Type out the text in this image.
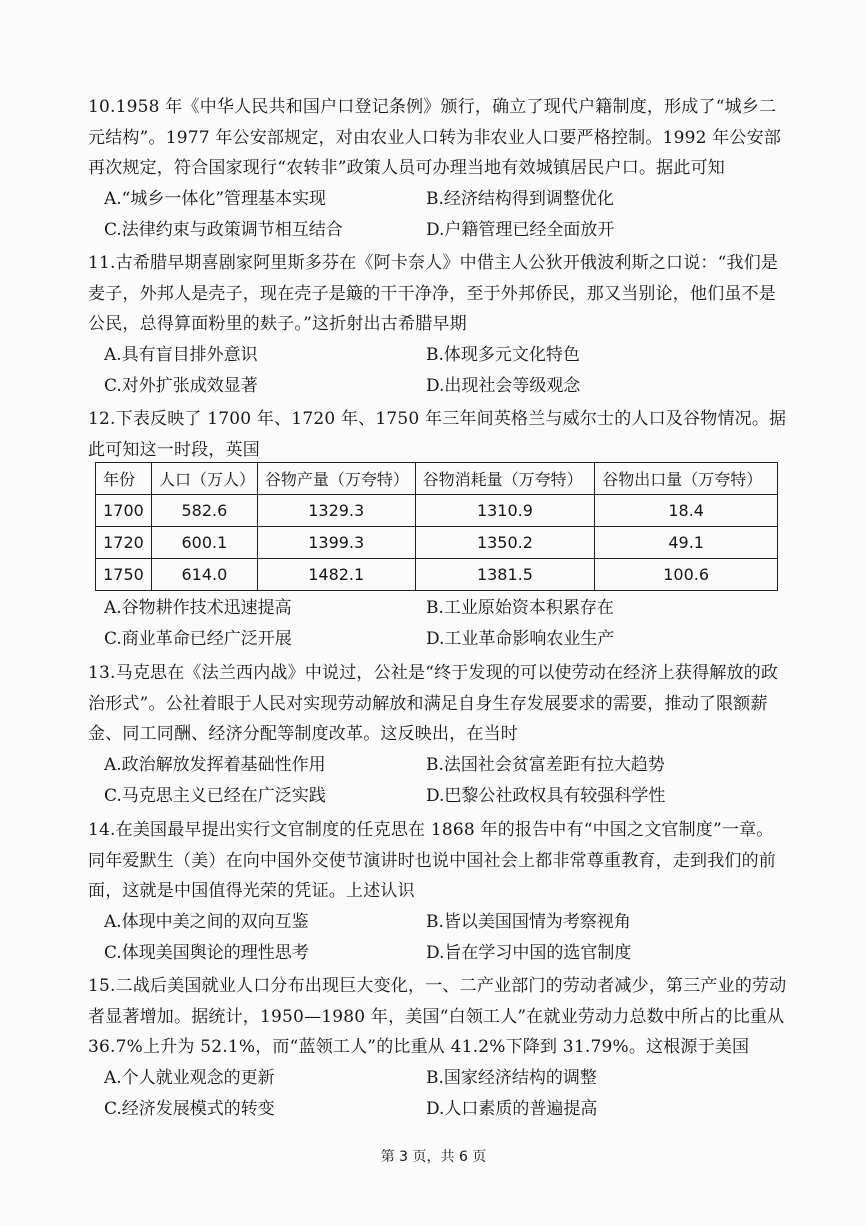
10.1958 年《中华人民共和国户口登记条例》颁行，确立了现代户籍制度，形成了“城乡二元结构”。1977 年公安部规定，对由农业人口转为非农业人口要严格控制。1992 年公安部再次规定，符合国家现行“农转非”政策人员可办理当地有效城镇居民户口。据此可知

A.“城乡一体化”管理基本实现	B.经济结构得到调整优化
C.法律约束与政策调节相互结合	D.户籍管理已经全面放开

11.古希腊早期喜剧家阿里斯多芬在《阿卡奈人》中借主人公狄开俄波利斯之口说：“我们是麦子，外邦人是壳子，现在壳子是簸的干干净净，至于外邦侨民，那又当别论，他们虽不是公民，总得算面粉里的麸子。”这折射出古希腊早期

A.具有盲目排外意识	B.体现多元文化特色
C.对外扩张成效显著	D.出现社会等级观念

12.下表反映了 1700 年、1720 年、1750 年三年间英格兰与威尔士的人口及谷物情况。据此可知这一时段，英国

年份	人口（万人）	谷物产量（万夸特）	谷物消耗量（万夸特）	谷物出口量（万夸特）
1700	582.6	1329.3	1310.9	18.4
1720	600.1	1399.3	1350.2	49.1
1750	614.0	1482.1	1381.5	100.6
A.谷物耕作技术迅速提高	B.工业原始资本积累存在
C.商业革命已经广泛开展	D.工业革命影响农业生产

13.马克思在《法兰西内战》中说过，公社是“终于发现的可以使劳动在经济上获得解放的政治形式”。公社着眼于人民对实现劳动解放和满足自身生存发展要求的需要，推动了限额薪金、同工同酬、经济分配等制度改革。这反映出，在当时

A.政治解放发挥着基础性作用	B.法国社会贫富差距有拉大趋势
C.马克思主义已经在广泛实践	D.巴黎公社政权具有较强科学性

14.在美国最早提出实行文官制度的任克思在 1868 年的报告中有“中国之文官制度”一章。同年爱默生（美）在向中国外交使节演讲时也说中国社会上都非常尊重教育，走到我们的前面，这就是中国值得光荣的凭证。上述认识

A.体现中美之间的双向互鉴	B.皆以美国国情为考察视角
C.体现美国舆论的理性思考	D.旨在学习中国的选官制度

15.二战后美国就业人口分布出现巨大变化，一、二产业部门的劳动者减少，第三产业的劳动者显著增加。据统计，1950—1980 年，美国“白领工人”在就业劳动力总数中所占的比重从 36.7%上升为 52.1%，而“蓝领工人”的比重从 41.2%下降到 31.79%。这根源于美国

A.个人就业观念的更新	B.国家经济结构的调整
C.经济发展模式的转变	D.人口素质的普遍提高
第 3 页，共 6 页
